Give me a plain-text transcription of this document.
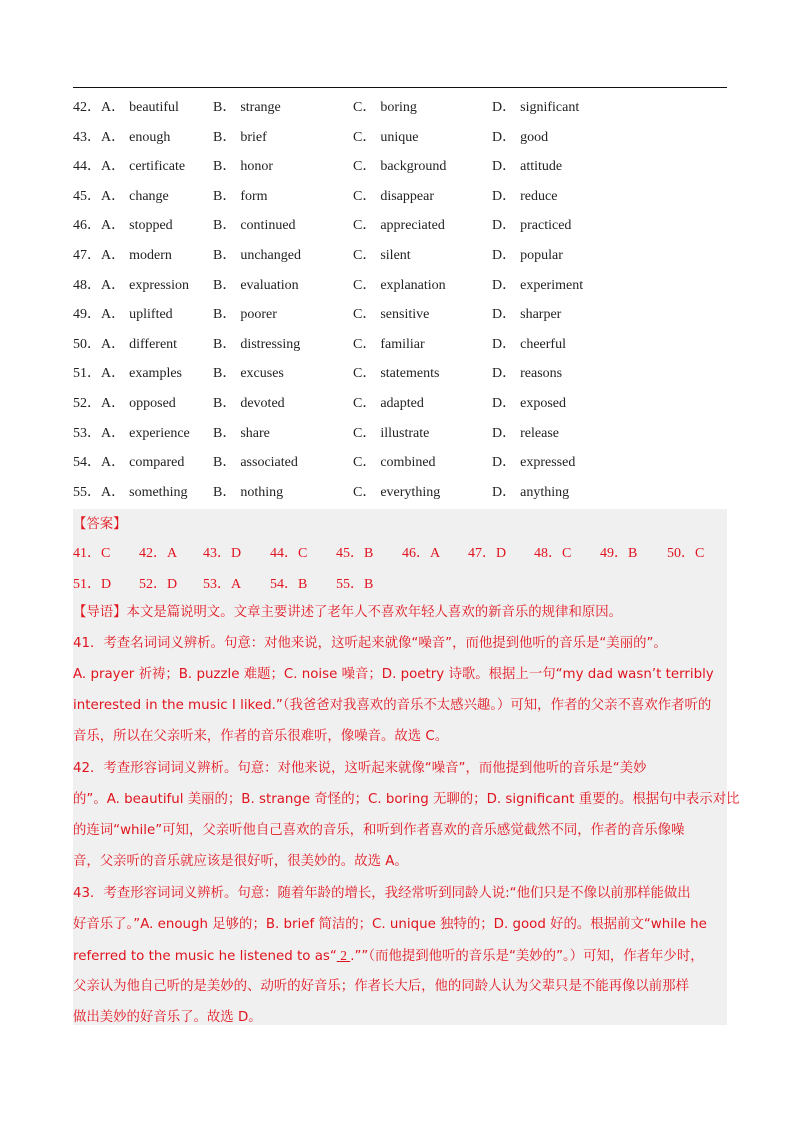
42． A． beautiful B． strange	C． boring	D． significant
43． A． enough	B． brief	C． unique	D． good
44． A． certificate B． honor	C． background	D． attitude
45． A． change	B． form	C． disappear	D． reduce
46． A． stopped	B． continued	C． appreciated	D． practiced
47． A． modern	B． unchanged	C． silent	D． popular
48． A． expression B． evaluation	C． explanation	D． experiment
49． A． uplifted	B． poorer	C． sensitive	D． sharper
50． A． different	B． distressing	C． familiar	D． cheerful
51． A． examples B． excuses	C． statements	D． reasons
52． A． opposed	B． devoted	C． adapted	D． exposed
53． A． experience B． share	C． illustrate	D． release
54． A． compared B． associated	C． combined	D． expressed
55． A． something B． nothing	C． everything	D． anything
【答案】
41．C 42．A 43．D 44．C 45．B 46．A 47．D 48．C 49．B 50．C
51．D 52．D 53．A 54．B 55．B
【导语】本文是篇说明文。文章主要讲述了老年人不喜欢年轻人喜欢的新音乐的规律和原因。
41．考查名词词义辨析。句意：对他来说，这听起来就像“噪音”，而他提到他听的音乐是“美丽的”。
A. prayer 祈祷；B. puzzle 难题；C. noise 噪音；D. poetry 诗歌。根据上一句“my dad wasn’t terribly
interested in the music I liked.”（我爸爸对我喜欢的音乐不太感兴趣。）可知，作者的父亲不喜欢作者听的
音乐，所以在父亲听来，作者的音乐很难听，像噪音。故选 C。
42．考查形容词词义辨析。句意：对他来说，这听起来就像“噪音”，而他提到他听的音乐是“美妙
的”。A. beautiful 美丽的；B. strange 奇怪的；C. boring 无聊的；D. significant 重要的。根据句中表示对比
的连词“while”可知，父亲听他自己喜欢的音乐，和听到作者喜欢的音乐感觉截然不同，作者的音乐像噪
音，父亲听的音乐就应该是很好听，很美妙的。故选 A。
43．考查形容词词义辨析。句意：随着年龄的增长，我经常听到同龄人说:“他们只是不像以前那样能做出
好音乐了。”A. enough 足够的；B. brief 简洁的；C. unique 独特的；D. good 好的。根据前文“while he
referred to the music he listened to as“ 2 .””（而他提到他听的音乐是“美妙的”。）可知，作者年少时，
父亲认为他自己听的是美妙的、动听的好音乐；作者长大后，他的同龄人认为父辈只是不能再像以前那样
做出美妙的好音乐了。故选 D。
